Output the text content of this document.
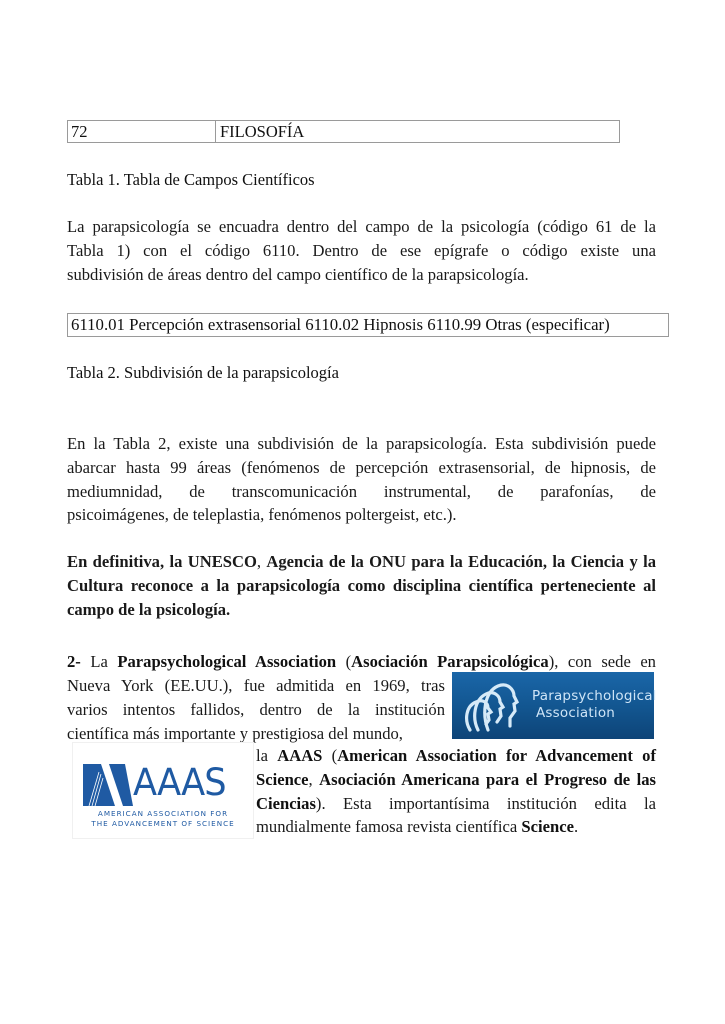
72	FILOSOFÍA
Tabla 1. Tabla de Campos Científicos
La parapsicología se encuadra dentro del campo de la psicología (código 61 de la
Tabla 1) con el código 6110. Dentro de ese epígrafe o código existe una
subdivisión de áreas dentro del campo científico de la parapsicología.
6110.01 Percepción extrasensorial 6110.02 Hipnosis 6110.99 Otras (especificar)
Tabla 2. Subdivisión de la parapsicología
En la Tabla 2, existe una subdivisión de la parapsicología. Esta subdivisión puede
abarcar hasta 99 áreas (fenómenos de percepción extrasensorial, de hipnosis, de
mediumnidad, de transcomunicación instrumental, de parafonías, de
psicoimágenes, de teleplastia, fenómenos poltergeist, etc.).
En definitiva, la UNESCO, Agencia de la ONU para la Educación, la Ciencia y la
Cultura reconoce a la parapsicología como disciplina científica perteneciente al
campo de la psicología.
2- La Parapsychological Association (Asociación Parapsicológica), con sede en
Nueva York (EE.UU.), fue admitida en 1969, tras
varios intentos fallidos, dentro de la institución
científica más importante y prestigiosa del mundo,
Parapsychological
Association
AAAS
AMERICAN ASSOCIATION FOR
THE ADVANCEMENT OF SCIENCE
la AAAS (American Association for Advancement of
Science, Asociación Americana para el Progreso de las
Ciencias). Esta importantísima institución edita la
mundialmente famosa revista científica Science.
